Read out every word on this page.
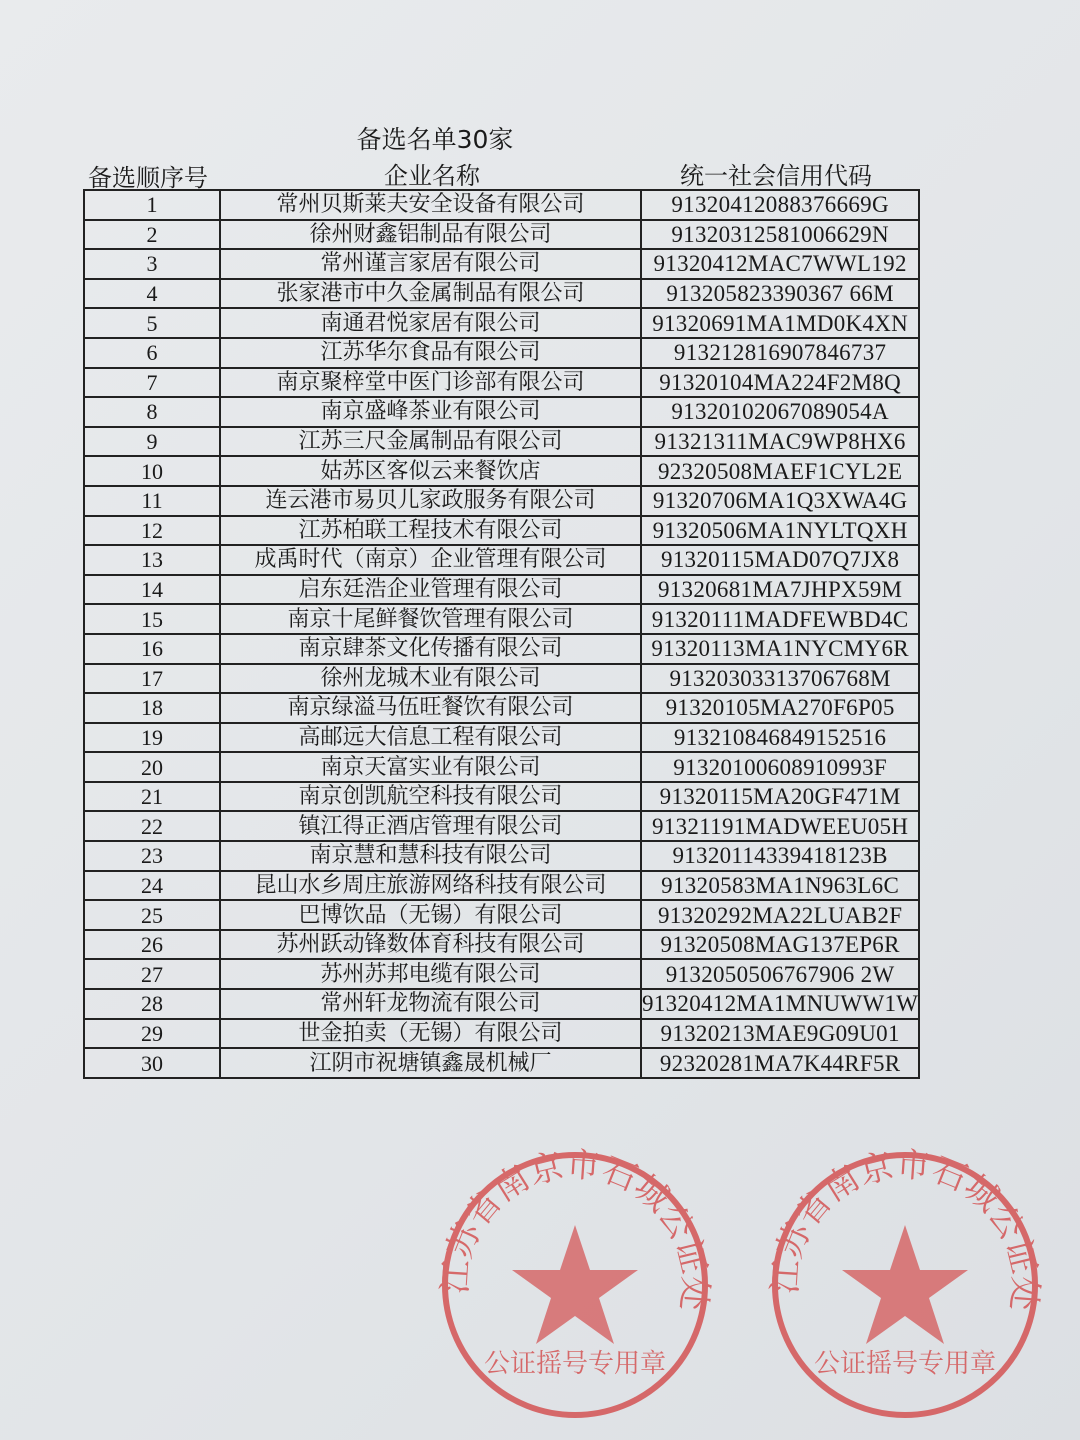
备选名单30家
备选顺序号	企业名称	统一社会信用代码
1	常州贝斯莱夫安全设备有限公司	91320412088376669G
2	徐州财鑫铝制品有限公司	91320312581006629N
3	常州谨言家居有限公司	91320412MAC7WWL192
4	张家港市中久金属制品有限公司	913205823390367 66M
5	南通君悦家居有限公司	91320691MA1MD0K4XN
6	江苏华尔食品有限公司	913212816907846737
7	南京聚梓堂中医门诊部有限公司	91320104MA224F2M8Q
8	南京盛峰茶业有限公司	91320102067089054A
9	江苏三尺金属制品有限公司	91321311MAC9WP8HX6
10	姑苏区客似云来餐饮店	92320508MAEF1CYL2E
11	连云港市易贝儿家政服务有限公司	91320706MA1Q3XWA4G
12	江苏柏联工程技术有限公司	91320506MA1NYLTQXH
13	成禹时代（南京）企业管理有限公司	91320115MAD07Q7JX8
14	启东廷浩企业管理有限公司	91320681MA7JHPX59M
15	南京十尾鲜餐饮管理有限公司	91320111MADFEWBD4C
16	南京肆茶文化传播有限公司	91320113MA1NYCMY6R
17	徐州龙城木业有限公司	91320303313706768M
18	南京绿溢马伍旺餐饮有限公司	91320105MA270F6P05
19	高邮远大信息工程有限公司	913210846849152516
20	南京天富实业有限公司	91320100608910993F
21	南京创凯航空科技有限公司	91320115MA20GF471M
22	镇江得正酒店管理有限公司	91321191MADWEEU05H
23	南京慧和慧科技有限公司	91320114339418123B
24	昆山水乡周庄旅游网络科技有限公司	91320583MA1N963L6C
25	巴博饮品（无锡）有限公司	91320292MA22LUAB2F
26	苏州跃动锋数体育科技有限公司	91320508MAG137EP6R
27	苏州苏邦电缆有限公司	9132050506767906 2W
28	常州轩龙物流有限公司	91320412MA1MNUWW1W
29	世金拍卖（无锡）有限公司	91320213MAE9G09U01
30	江阴市祝塘镇鑫晟机械厂	92320281MA7K44RF5R
江苏省南京市石城公证处
公证摇号专用章
江苏省南京市石城公证处
公证摇号专用章
